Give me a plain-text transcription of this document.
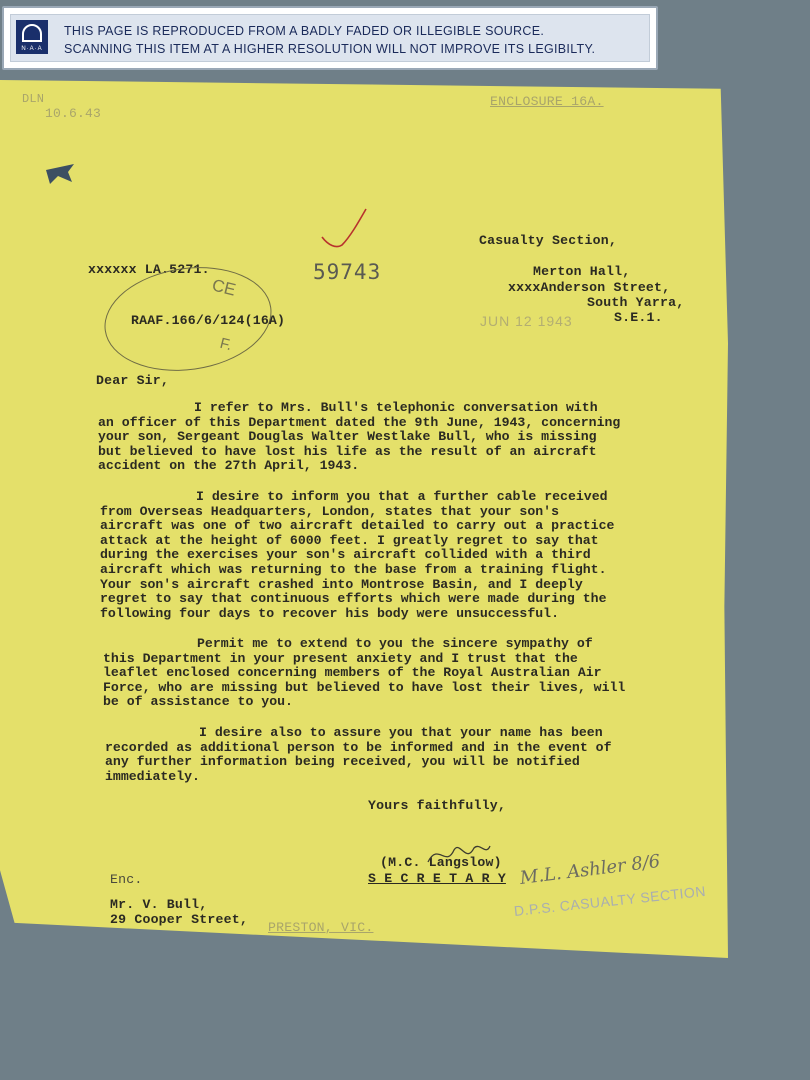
N·A·A
THIS PAGE IS REPRODUCED FROM A BADLY FADED OR ILLEGIBLE SOURCE.
SCANNING THIS ITEM AT A HIGHER RESOLUTION WILL NOT IMPROVE ITS LEGIBILTY.
DLN
10.6.43
ENCLOSURE 16A.
Casualty Section,
xxxxxx LA.5271.	59743	Merton Hall,
xxxxAnderson Street,
South Yarra,
S.E.1.
CE
F.
RAAF.166/6/124(16A)	JUN 12 1943
Dear Sir,
I refer to Mrs. Bull's telephonic conversation with
an officer of this Department dated the 9th June, 1943, concerning
your son, Sergeant Douglas Walter Westlake Bull, who is missing
but believed to have lost his life as the result of an aircraft
accident on the 27th April, 1943.
I desire to inform you that a further cable received
from Overseas Headquarters, London, states that your son's
aircraft was one of two aircraft detailed to carry out a practice
attack at the height of 6000 feet. I greatly regret to say that
during the exercises your son's aircraft collided with a third
aircraft which was returning to the base from a training flight.
Your son's aircraft crashed into Montrose Basin, and I deeply
regret to say that continuous efforts which were made during the
following four days to recover his body were unsuccessful.
Permit me to extend to you the sincere sympathy of
this Department in your present anxiety and I trust that the
leaflet enclosed concerning members of the Royal Australian Air
Force, who are missing but believed to have lost their lives, will
be of assistance to you.
I desire also to assure you that your name has been
recorded as additional person to be informed and in the event of
any further information being received, you will be notified
immediately.
Yours faithfully,
(M.C. Langslow)
S E C R E T A R Y
Enc.
Mr. V. Bull,
29 Cooper Street,
PRESTON, VIC.
M.L. Ashler 8/6
D.P.S. CASUALTY SECTION
